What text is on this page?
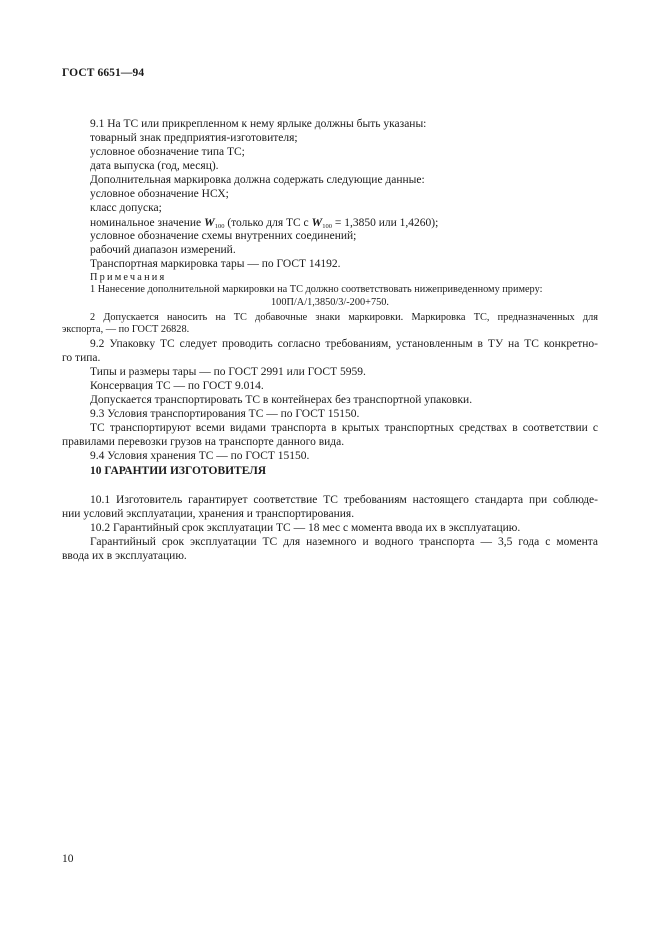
ГОСТ 6651—94
9.1 На ТС или прикрепленном к нему ярлыке должны быть указаны:
товарный знак предприятия-изготовителя;
условное обозначение типа ТС;
дата выпуска (год, месяц).
Дополнительная маркировка должна содержать следующие данные:
условное обозначение НСХ;
класс допуска;
номинальное значение $W_{100}$ (только для ТС с $W_{100} = 1,3850$ или 1,4260);
условное обозначение схемы внутренних соединений;
рабочий диапазон измерений.
Транспортная маркировка тары — по ГОСТ 14192.
Примечания
1 Нанесение дополнительной маркировки на ТС должно соответствовать нижеприведенному примеру:
100П/А/1,3850/3/-200+750.
2 Допускается наносить на ТС добавочные знаки маркировки. Маркировка ТС, предназначенных для
экспорта, — по ГОСТ 26828.
9.2 Упаковку ТС следует проводить согласно требованиям, установленным в ТУ на ТС конкретно-
го типа.
Типы и размеры тары — по ГОСТ 2991 или ГОСТ 5959.
Консервация ТС — по ГОСТ 9.014.
Допускается транспортировать ТС в контейнерах без транспортной упаковки.
9.3 Условия транспортирования ТС — по ГОСТ 15150.
ТС транспортируют всеми видами транспорта в крытых транспортных средствах в соответствии с
правилами перевозки грузов на транспорте данного вида.
9.4 Условия хранения ТС — по ГОСТ 15150.
10 ГАРАНТИИ ИЗГОТОВИТЕЛЯ
10.1 Изготовитель гарантирует соответствие ТС требованиям настоящего стандарта при соблюде-
нии условий эксплуатации, хранения и транспортирования.
10.2 Гарантийный срок эксплуатации ТС — 18 мес с момента ввода их в эксплуатацию.
Гарантийный срок эксплуатации ТС для наземного и водного транспорта — 3,5 года с момента
ввода их в эксплуатацию.
10
